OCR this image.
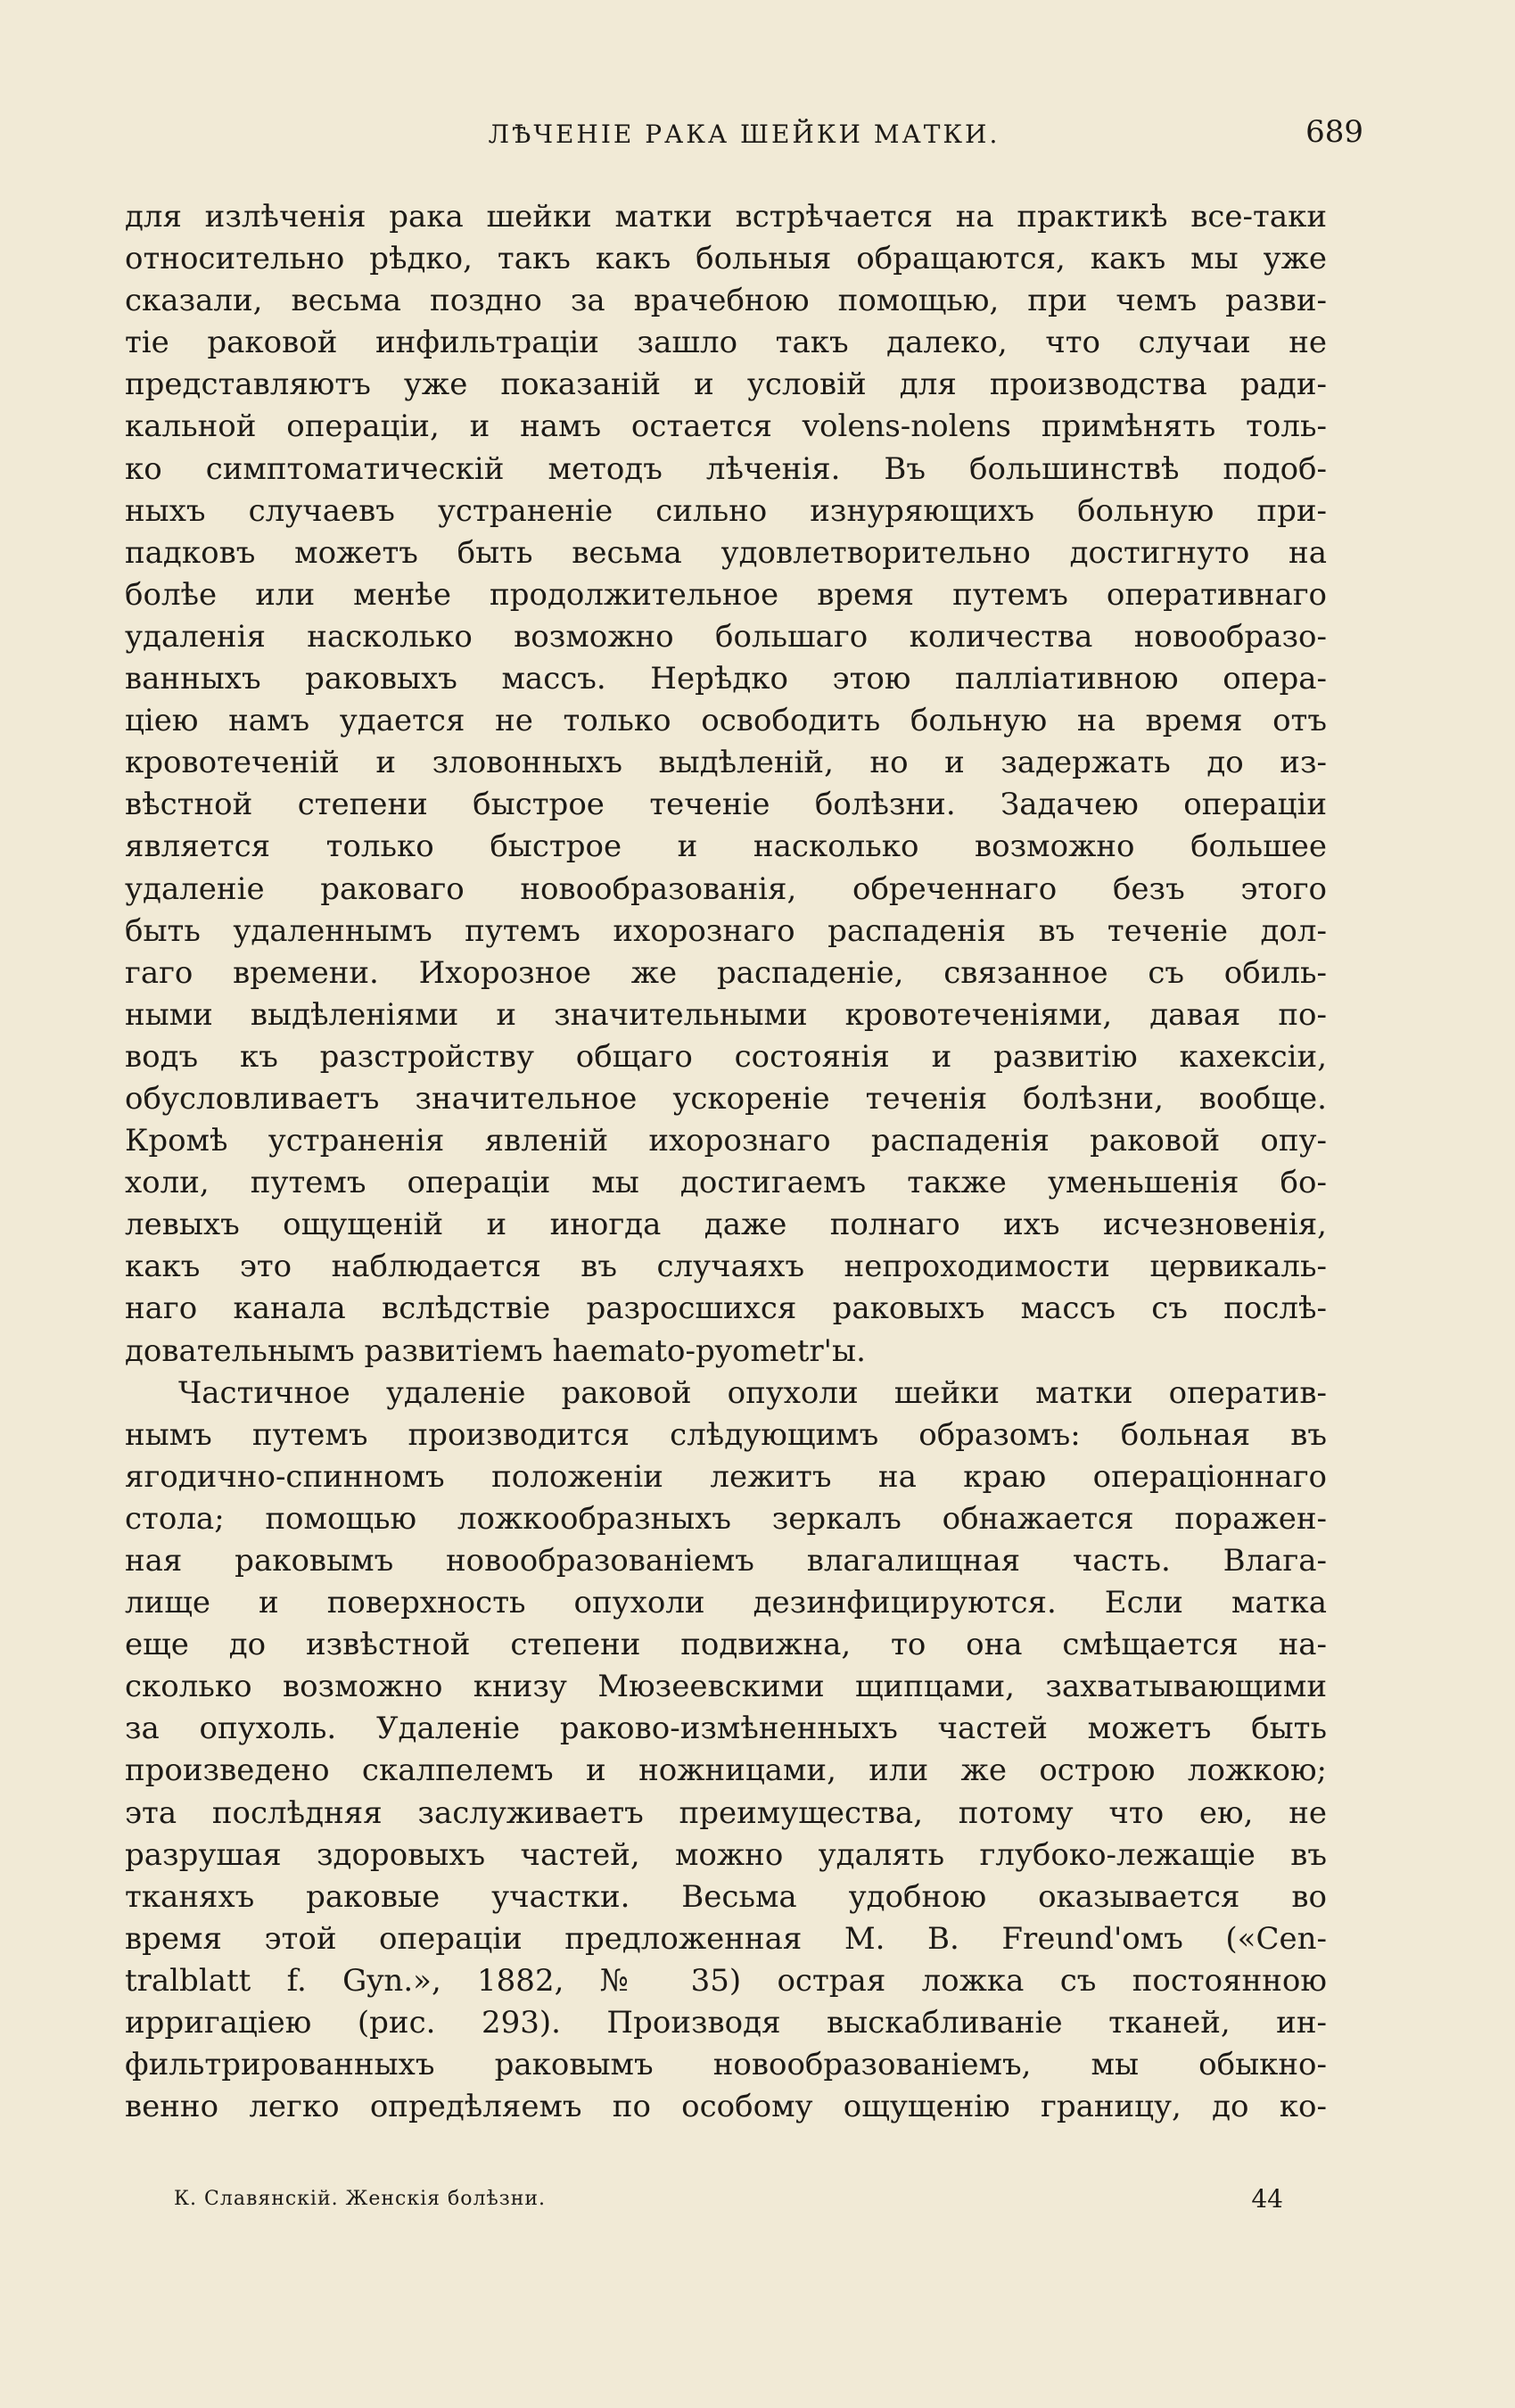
ЛѢЧЕНІЕ РАКА ШЕЙКИ МАТКИ.	689
для излѣченія рака шейки матки встрѣчается на практикѣ все-таки
относительно рѣдко, такъ какъ больныя обращаются, какъ мы уже
сказали, весьма поздно за врачебною помощью, при чемъ разви-
тіе раковой инфильтраціи зашло такъ далеко, что случаи не
представляютъ уже показаній и условій для производства ради-
кальной операціи, и намъ остается volens-nolens примѣнять толь-
ко симптоматическій методъ лѣченія. Въ большинствѣ подоб-
ныхъ случаевъ устраненіе сильно изнуряющихъ больную при-
падковъ можетъ быть весьма удовлетворительно достигнуто на
болѣе или менѣе продолжительное время путемъ оперативнаго
удаленія насколько возможно большаго количества новообразо-
ванныхъ раковыхъ массъ. Нерѣдко этою палліативною опера-
ціею намъ удается не только освободить больную на время отъ
кровотеченій и зловонныхъ выдѣленій, но и задержать до из-
вѣстной степени быстрое теченіе болѣзни. Задачею операціи
является только быстрое и насколько возможно большее
удаленіе раковаго новообразованія, обреченнаго безъ этого
быть удаленнымъ путемъ ихорознаго распаденія въ теченіе дол-
гаго времени. Ихорозное же распаденіе, связанное съ обиль-
ными выдѣленіями и значительными кровотеченіями, давая по-
водъ къ разстройству общаго состоянія и развитію кахексіи,
обусловливаетъ значительное ускореніе теченія болѣзни, вообще.
Кромѣ устраненія явленій ихорознаго распаденія раковой опу-
холи, путемъ операціи мы достигаемъ также уменьшенія бо-
левыхъ ощущеній и иногда даже полнаго ихъ исчезновенія,
какъ это наблюдается въ случаяхъ непроходимости цервикаль-
наго канала вслѣдствіе разросшихся раковыхъ массъ съ послѣ-
довательнымъ развитіемъ haemato-pyometr'ы.
Частичное удаленіе раковой опухоли шейки матки оператив-
нымъ путемъ производится слѣдующимъ образомъ: больная въ
ягодично-спинномъ положеніи лежитъ на краю операціоннаго
стола; помощью ложкообразныхъ зеркалъ обнажается поражен-
ная раковымъ новообразованіемъ влагалищная часть. Влага-
лище и поверхность опухоли дезинфицируются. Если матка
еще до извѣстной степени подвижна, то она смѣщается на-
сколько возможно книзу Мюзеевскими щипцами, захватывающими
за опухоль. Удаленіе раково-измѣненныхъ частей можетъ быть
произведено скалпелемъ и ножницами, или же острою ложкою;
эта послѣдняя заслуживаетъ преимущества, потому что ею, не
разрушая здоровыхъ частей, можно удалять глубоко-лежащіе въ
тканяхъ раковые участки. Весьма удобною оказывается во
время этой операціи предложенная M. B. Freund'омъ («Cen-
tralblatt f. Gyn.», 1882, № 35) острая ложка съ постоянною
ирригаціею (рис. 293). Производя выскабливаніе тканей, ин-
фильтрированныхъ раковымъ новообразованіемъ, мы обыкно-
венно легко опредѣляемъ по особому ощущенію границу, до ко-
К. Славянскій. Женскія болѣзни.	44
